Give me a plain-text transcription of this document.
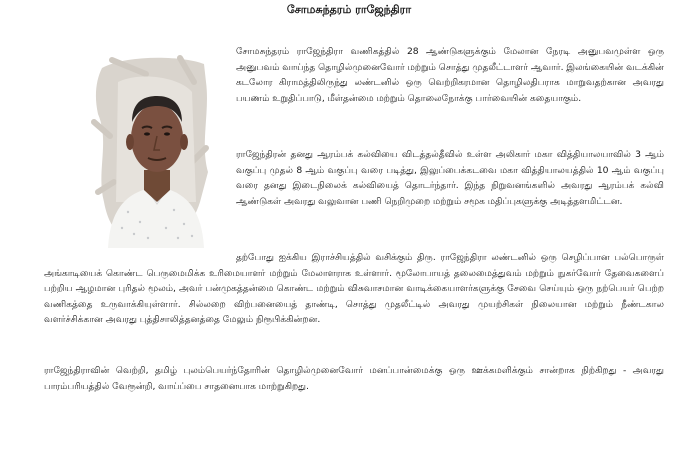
சோமசுந்தரம் ராஜேந்திரா

சோமசுந்தரம் ராஜேந்திரா வணிகத்தில் 28 ஆண்டுகளுக்கும் மேலான நேரடி அனுபவமுள்ள ஒரு அனுபவம் வாய்ந்த தொழில்முனைவோர் மற்றும் சொத்து முதலீட்டாளர் ஆவார். இலங்கையின் வடக்கின் கடலோர கிராமத்திலிருந்து லண்டனில் ஒரு வெற்றிகரமான தொழிலதிபராக மாறுவதற்கான அவரது பயணம் உறுதிப்பாடு, மீள்தன்மை மற்றும் தொலைநோக்கு பார்வையின் கதையாகும்.

ராஜேந்திரன் தனது ஆரம்பக் கல்வியை விடத்தல்தீவில் உள்ள அலிகார் மகா வித்தியாலயாவில் 3 ஆம் வகுப்பு முதல் 8 ஆம் வகுப்பு வரை படித்து, இலுப்பைக்கடவை மகா வித்தியாலயத்தில் 10 ஆம் வகுப்பு வரை தனது இடைநிலைக் கல்வியைத் தொடர்ந்தார். இந்த நிறுவனங்களில் அவரது ஆரம்பக் கல்வி ஆண்டுகள் அவரது வலுவான பணி நெறிமுறை மற்றும் சமூக மதிப்புகளுக்கு அடித்தளமிட்டன.

தற்போது ஐக்கிய இராச்சியத்தில் வசிக்கும் திரு. ராஜேந்திரா லண்டனில் ஒரு செழிப்பான பல்பொருள் அங்காடியைக் கொண்ட பெருமைமிக்க உரிமையாளர் மற்றும் மேலாளராக உள்ளார். மூலோபாயத் தலைமைத்துவம் மற்றும் நுகர்வோர் தேவைகளைப் பற்றிய ஆழமான புரிதல் மூலம், அவர் பன்முகத்தன்மை கொண்ட மற்றும் விசுவாசமான வாடிக்கையாளர்களுக்கு சேவை செய்யும் ஒரு நற்பெயர் பெற்ற வணிகத்தை உருவாக்கியுள்ளார். சில்லறை விற்பனையைத் தாண்டி, சொத்து முதலீட்டில் அவரது முயற்சிகள் நிலையான மற்றும் நீண்டகால வளர்ச்சிக்கான அவரது புத்திசாலித்தனத்தை மேலும் நிரூபிக்கின்றன.

ராஜேந்திராவின் வெற்றி, தமிழ் புலம்பெயர்ந்தோரின் தொழில்முனைவோர் மனப்பான்மைக்கு ஒரு ஊக்கமளிக்கும் சான்றாக நிற்கிறது - அவரது பாரம்பரியத்தில் வேரூன்றி, வாய்ப்பை சாதனையாக மாற்றுகிறது.
